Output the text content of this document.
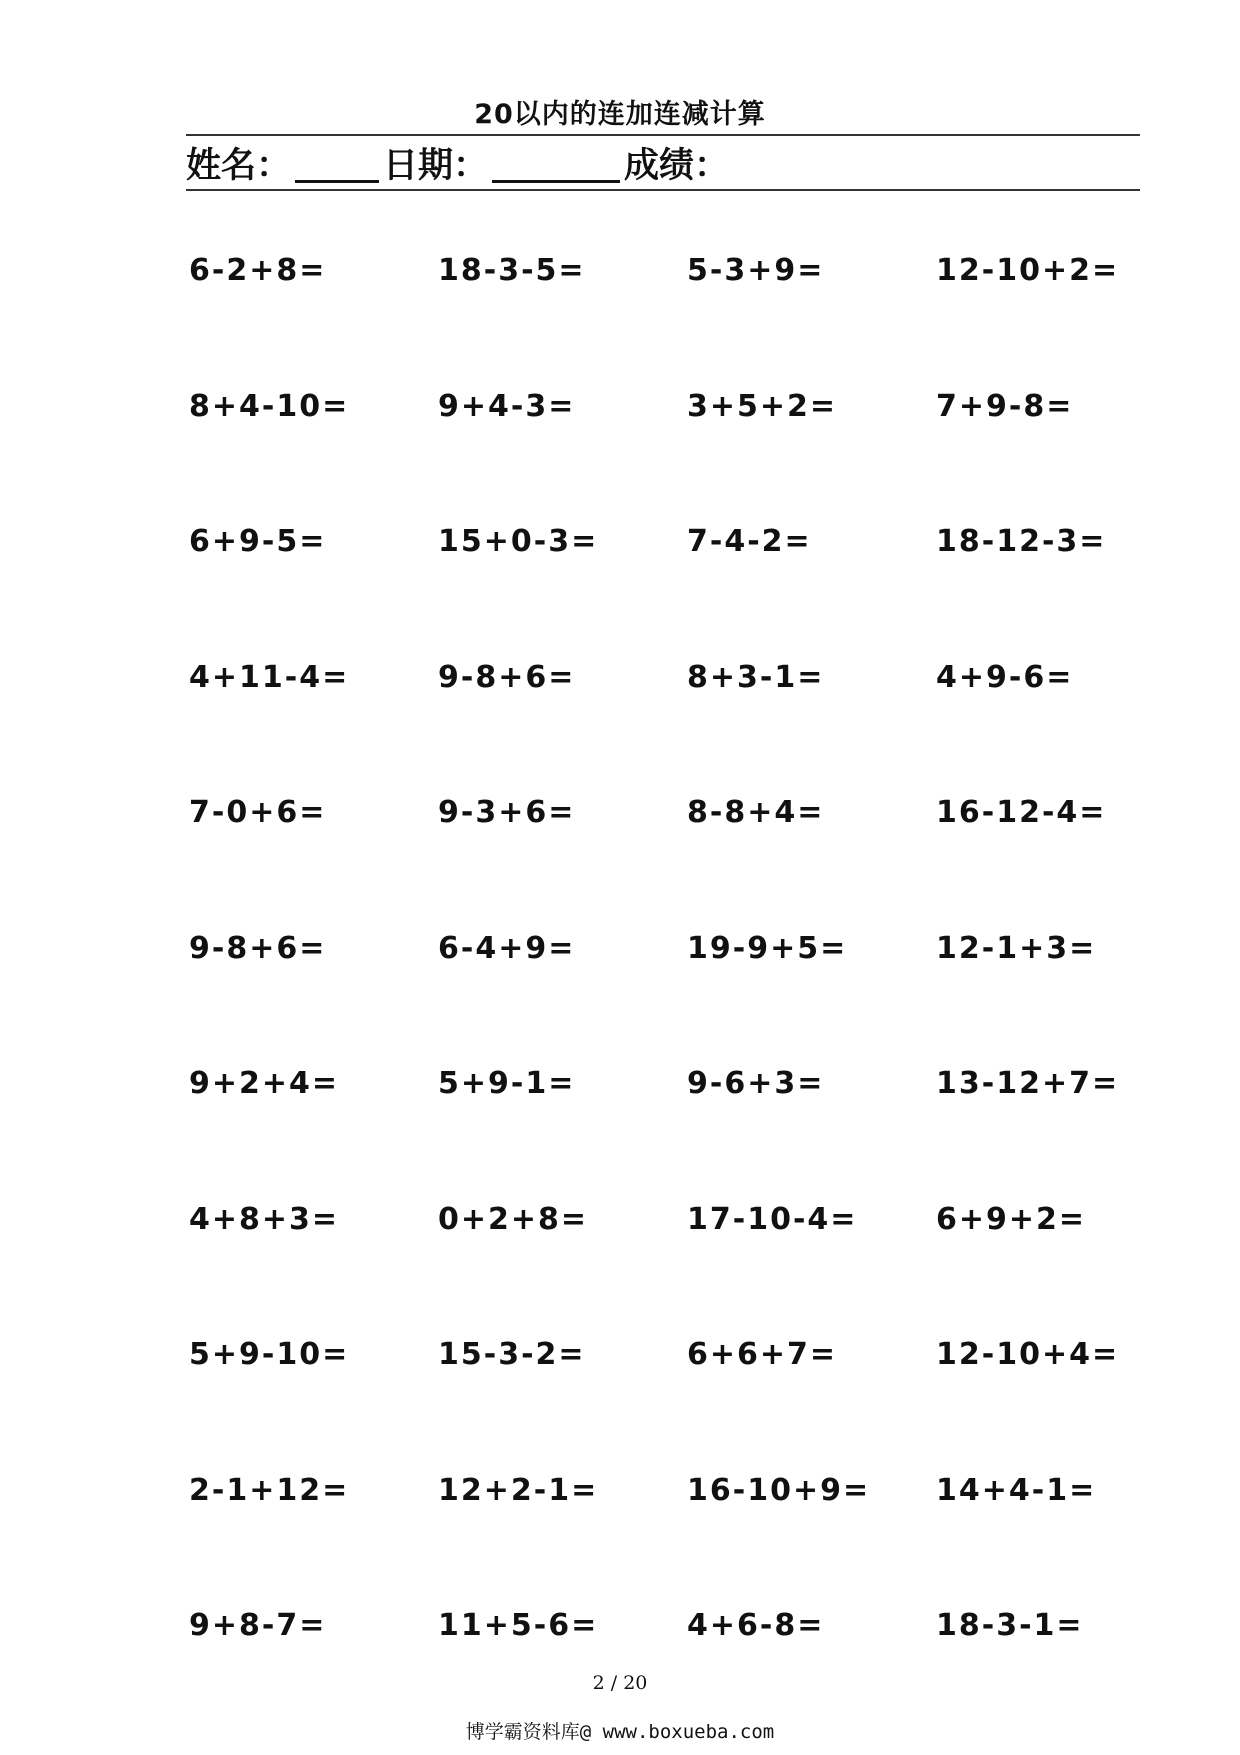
20以内的连加连减计算
姓名：	日期：	成绩：
6-2+8=	18-3-5=	5-3+9=	12-10+2=
8+4-10=	9+4-3=	3+5+2=	7+9-8=
6+9-5=	15+0-3=	7-4-2=	18-12-3=
4+11-4=	9-8+6=	8+3-1=	4+9-6=
7-0+6=	9-3+6=	8-8+4=	16-12-4=
9-8+6=	6-4+9=	19-9+5=	12-1+3=
9+2+4=	5+9-1=	9-6+3=	13-12+7=
4+8+3=	0+2+8=	17-10-4=	6+9+2=
5+9-10=	15-3-2=	6+6+7=	12-10+4=
2-1+12=	12+2-1=	16-10+9=	14+4-1=
9+8-7=	11+5-6=	4+6-8=	18-3-1=
2 / 20
博学霸资料库@ www.boxueba.com
